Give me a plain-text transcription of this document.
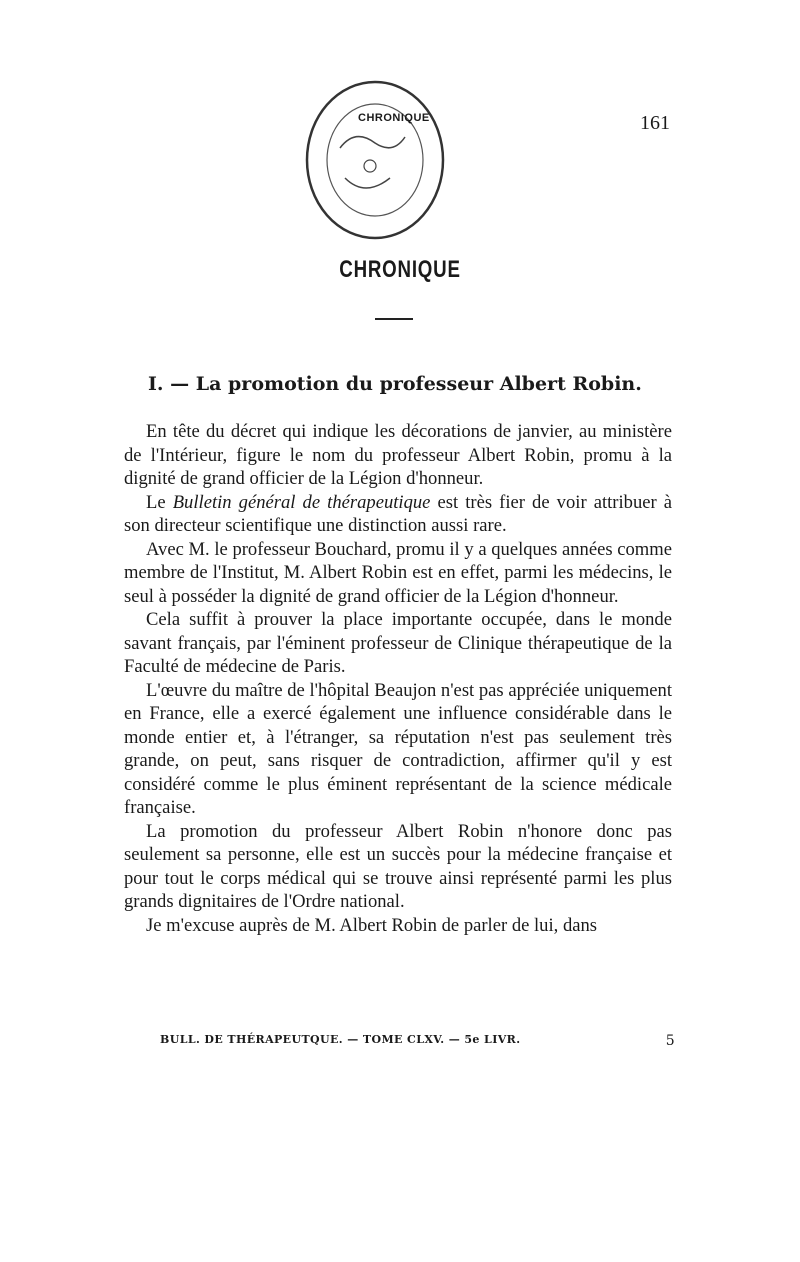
CHRONIQUE	161
CHRONIQUE
I. — La promotion du professeur Albert Robin.

En tête du décret qui indique les décorations de janvier, au ministère de l'Intérieur, figure le nom du professeur Albert Robin, promu à la dignité de grand officier de la Légion d'honneur.

Le Bulletin général de thérapeutique est très fier de voir attribuer à son directeur scientifique une distinction aussi rare.

Avec M. le professeur Bouchard, promu il y a quelques années comme membre de l'Institut, M. Albert Robin est en effet, parmi les médecins, le seul à posséder la dignité de grand officier de la Légion d'honneur.

Cela suffit à prouver la place importante occupée, dans le monde savant français, par l'éminent professeur de Clinique thérapeutique de la Faculté de médecine de Paris.

L'œuvre du maître de l'hôpital Beaujon n'est pas appréciée uniquement en France, elle a exercé également une influence considérable dans le monde entier et, à l'étranger, sa réputation n'est pas seulement très grande, on peut, sans risquer de contradiction, affirmer qu'il y est considéré comme le plus éminent représentant de la science médicale française.

La promotion du professeur Albert Robin n'honore donc pas seulement sa personne, elle est un succès pour la médecine française et pour tout le corps médical qui se trouve ainsi représenté parmi les plus grands dignitaires de l'Ordre national.

Je m'excuse auprès de M. Albert Robin de parler de lui, dans

BULL. DE THÉRAPEUTQUE. — TOME CLXV. — 5e LIVR.	5
